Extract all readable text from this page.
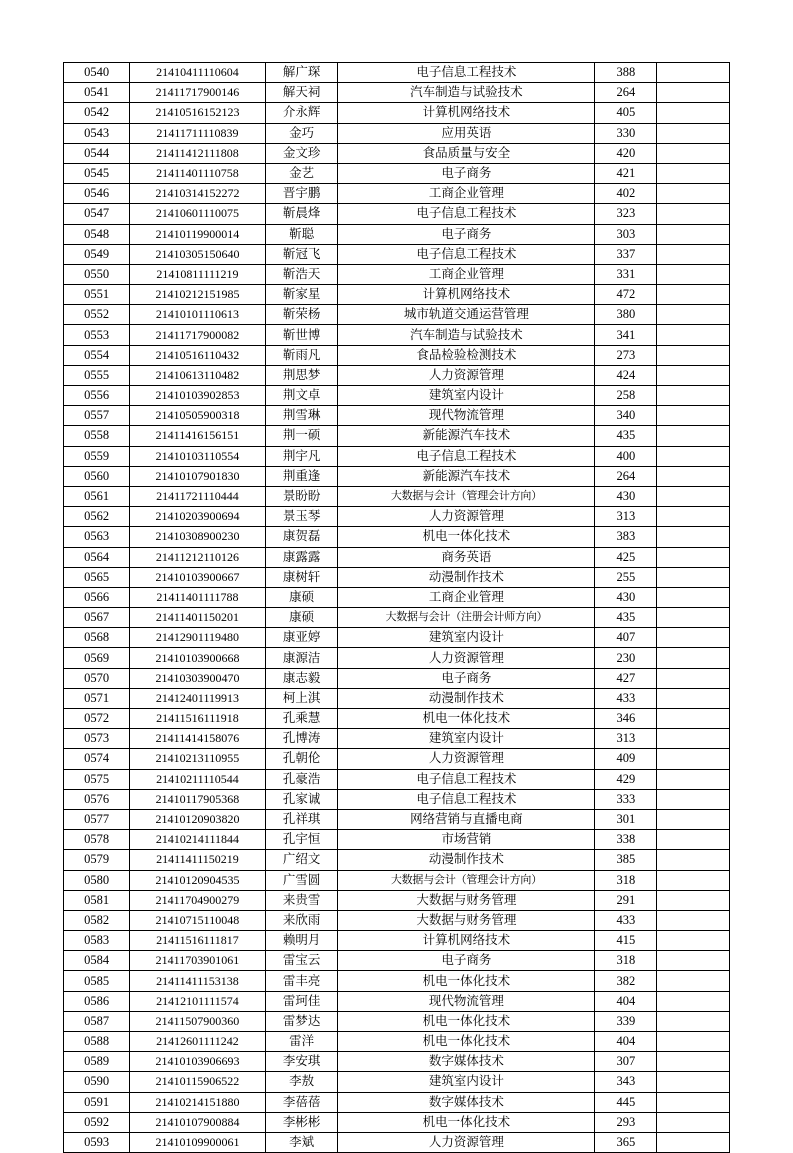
0540	21410411110604	解广琛	电子信息工程技术	388	
0541	21411717900146	解天祠	汽车制造与试验技术	264	
0542	21410516152123	介永辉	计算机网络技术	405	
0543	21411711110839	金巧	应用英语	330	
0544	21411412111808	金文珍	食品质量与安全	420	
0545	21411401110758	金艺	电子商务	421	
0546	21410314152272	晋宇鹏	工商企业管理	402	
0547	21410601110075	靳晨烽	电子信息工程技术	323	
0548	21410119900014	靳聪	电子商务	303	
0549	21410305150640	靳冠飞	电子信息工程技术	337	
0550	21410811111219	靳浩天	工商企业管理	331	
0551	21410212151985	靳家星	计算机网络技术	472	
0552	21410101110613	靳荣杨	城市轨道交通运营管理	380	
0553	21411717900082	靳世博	汽车制造与试验技术	341	
0554	21410516110432	靳雨凡	食品检验检测技术	273	
0555	21410613110482	荆思梦	人力资源管理	424	
0556	21410103902853	荆文卓	建筑室内设计	258	
0557	21410505900318	荆雪琳	现代物流管理	340	
0558	21411416156151	荆一硕	新能源汽车技术	435	
0559	21410103110554	荆宇凡	电子信息工程技术	400	
0560	21410107901830	荆重逢	新能源汽车技术	264	
0561	21411721110444	景盼盼	大数据与会计（管理会计方向）	430	
0562	21410203900694	景玉琴	人力资源管理	313	
0563	21410308900230	康贺磊	机电一体化技术	383	
0564	21411212110126	康露露	商务英语	425	
0565	21410103900667	康树轩	动漫制作技术	255	
0566	21411401111788	康硕	工商企业管理	430	
0567	21411401150201	康硕	大数据与会计（注册会计师方向）	435	
0568	21412901119480	康亚婷	建筑室内设计	407	
0569	21410103900668	康源洁	人力资源管理	230	
0570	21410303900470	康志毅	电子商务	427	
0571	21412401119913	柯上淇	动漫制作技术	433	
0572	21411516111918	孔乘慧	机电一体化技术	346	
0573	21411414158076	孔博涛	建筑室内设计	313	
0574	21410213110955	孔朝伦	人力资源管理	409	
0575	21410211110544	孔豪浩	电子信息工程技术	429	
0576	21410117905368	孔家诚	电子信息工程技术	333	
0577	21410120903820	孔祥琪	网络营销与直播电商	301	
0578	21410214111844	孔宇恒	市场营销	338	
0579	21411411150219	广绍文	动漫制作技术	385	
0580	21410120904535	广雪圆	大数据与会计（管理会计方向）	318	
0581	21411704900279	来贵雪	大数据与财务管理	291	
0582	21410715110048	来欣雨	大数据与财务管理	433	
0583	21411516111817	赖明月	计算机网络技术	415	
0584	21411703901061	雷宝云	电子商务	318	
0585	21411411153138	雷丰亮	机电一体化技术	382	
0586	21412101111574	雷珂佳	现代物流管理	404	
0587	21411507900360	雷梦达	机电一体化技术	339	
0588	21412601111242	雷洋	机电一体化技术	404	
0589	21410103906693	李安琪	数字媒体技术	307	
0590	21410115906522	李敖	建筑室内设计	343	
0591	21410214151880	李蓓蓓	数字媒体技术	445	
0592	21410107900884	李彬彬	机电一体化技术	293	
0593	21410109900061	李斌	人力资源管理	365	
